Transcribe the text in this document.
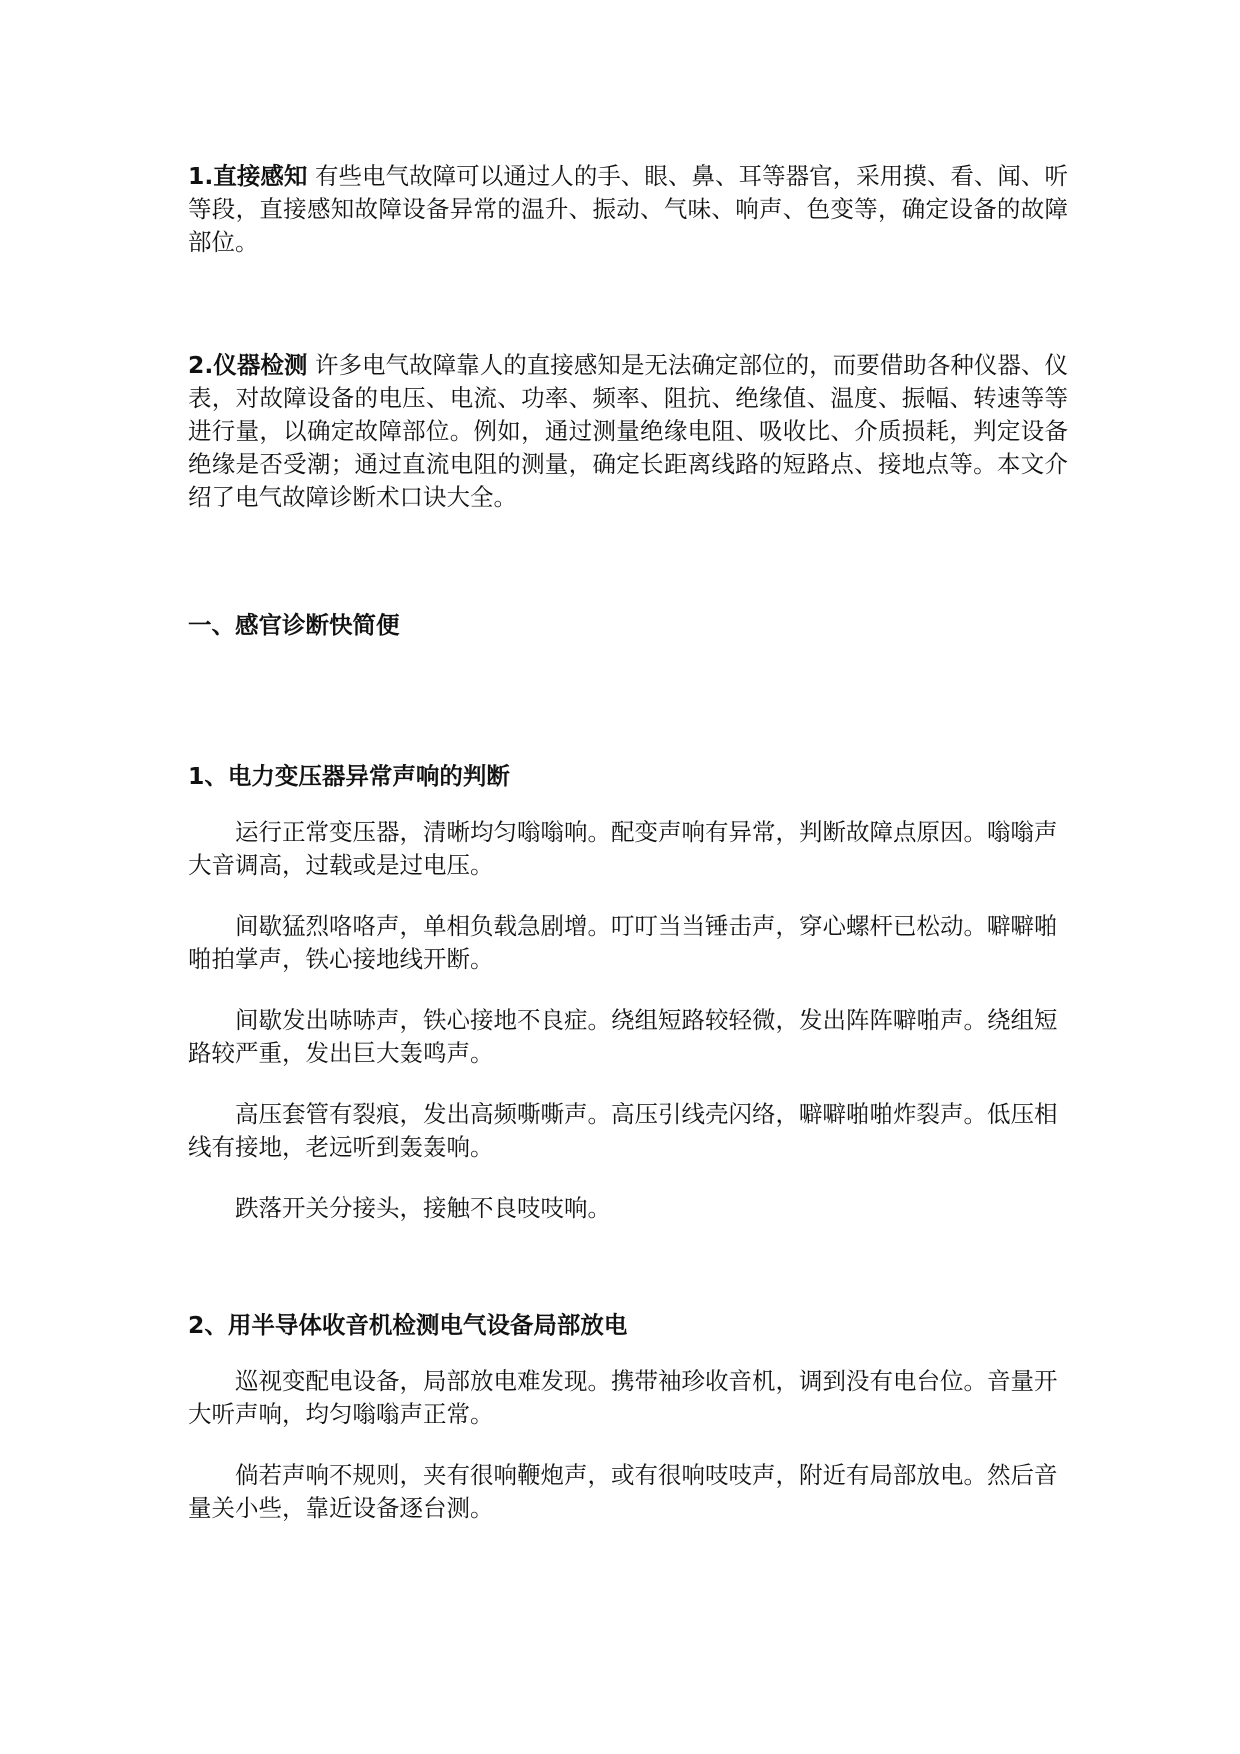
1.直接感知 有些电气故障可以通过人的手、眼、鼻、耳等器官，采用摸、看、闻、听等段，直接感知故障设备异常的温升、振动、气味、响声、色变等，确定设备的故障部位。

2.仪器检测 许多电气故障靠人的直接感知是无法确定部位的，而要借助各种仪器、仪表，对故障设备的电压、电流、功率、频率、阻抗、绝缘值、温度、振幅、转速等等进行量，以确定故障部位。例如，通过测量绝缘电阻、吸收比、介质损耗，判定设备绝缘是否受潮；通过直流电阻的测量，确定长距离线路的短路点、接地点等。本文介绍了电气故障诊断术口诀大全。

一、感官诊断快简便
1、电力变压器异常声响的判断

运行正常变压器，清晰均匀嗡嗡响。配变声响有异常，判断故障点原因。嗡嗡声大音调高，过载或是过电压。

间歇猛烈咯咯声，单相负载急剧增。叮叮当当锤击声，穿心螺杆已松动。噼噼啪啪拍掌声，铁心接地线开断。

间歇发出哧哧声，铁心接地不良症。绕组短路较轻微，发出阵阵噼啪声。绕组短路较严重，发出巨大轰鸣声。

高压套管有裂痕，发出高频嘶嘶声。高压引线壳闪络，噼噼啪啪炸裂声。低压相线有接地，老远听到轰轰响。

跌落开关分接头，接触不良吱吱响。

2、用半导体收音机检测电气设备局部放电

巡视变配电设备，局部放电难发现。携带袖珍收音机，调到没有电台位。音量开大听声响，均匀嗡嗡声正常。

倘若声响不规则，夹有很响鞭炮声，或有很响吱吱声，附近有局部放电。然后音量关小些，靠近设备逐台测。
